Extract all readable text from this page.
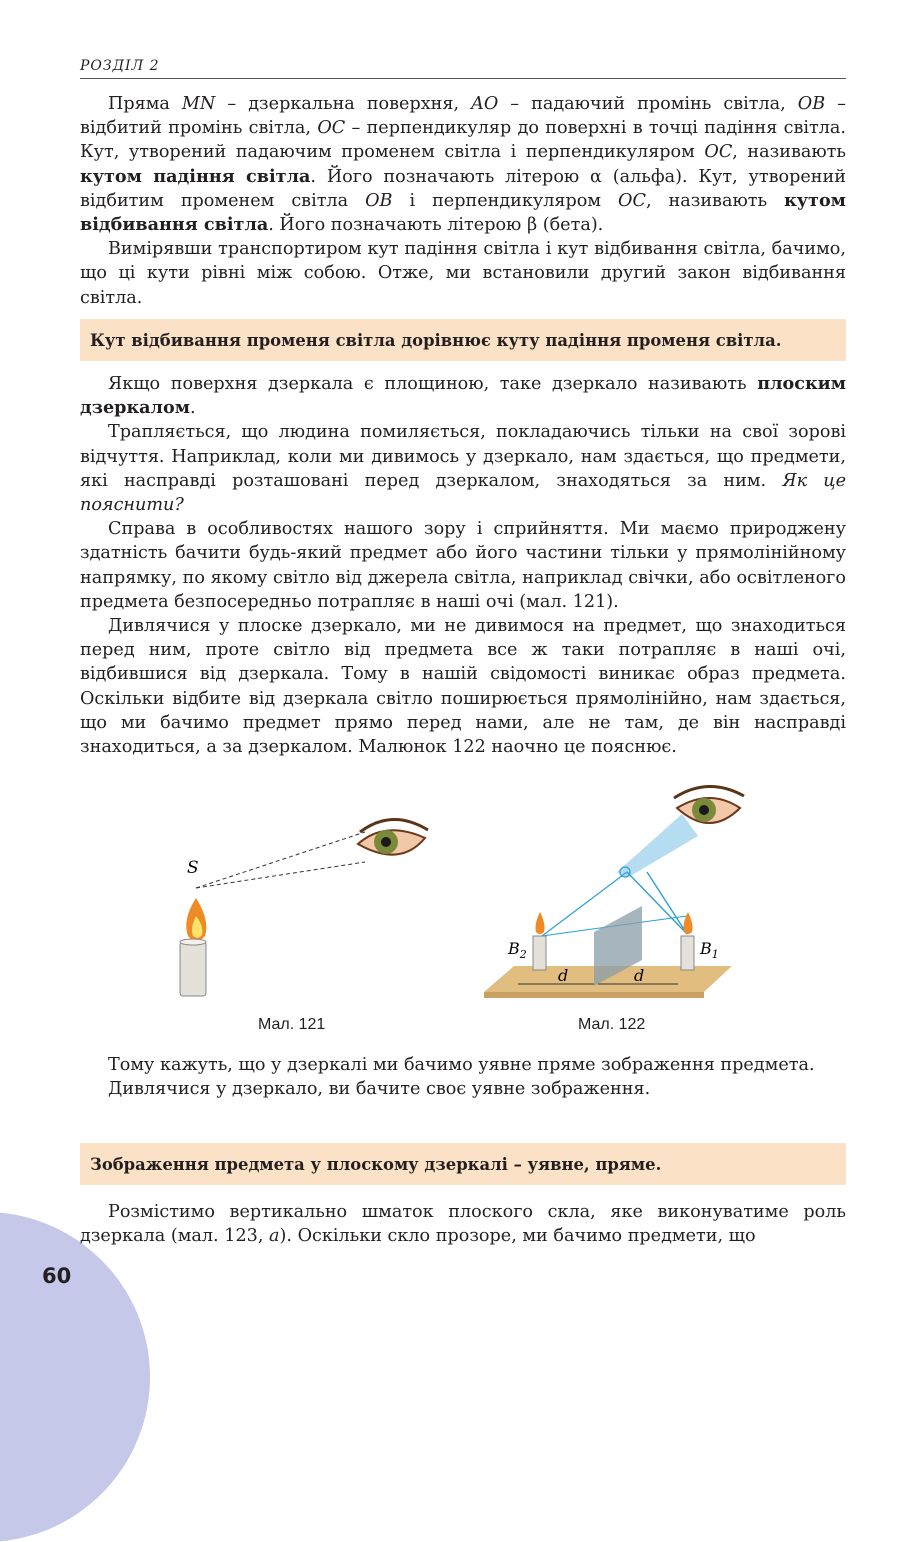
РОЗДІЛ 2

Пряма MN – дзеркальна поверхня, AO – падаючий промінь світла, OB – відбитий промінь світла, OC – перпендикуляр до поверхні в точці падіння світла. Кут, утворений падаючим променем світла і перпендикуляром OC, називають кутом падіння світла. Його позначають літерою α (альфа). Кут, утворений відбитим променем світла OB і перпендикуляром OC, називають кутом відбивання світла. Його позначають літерою β (бета).

Вимірявши транспортиром кут падіння світла і кут відбивання світла, бачимо, що ці кути рівні між собою. Отже, ми встановили другий закон відбивання світла.

Кут відбивання променя світла дорівнює куту падіння променя світла.

Якщо поверхня дзеркала є площиною, таке дзеркало називають плоским дзеркалом.

Трапляється, що людина помиляється, покладаючись тільки на свої зорові відчуття. Наприклад, коли ми дивимось у дзеркало, нам здається, що предмети, які насправді розташовані перед дзеркалом, знаходяться за ним. Як це пояснити?

Справа в особливостях нашого зору і сприйняття. Ми маємо природжену здатність бачити будь-який предмет або його частини тільки у прямолінійному напрямку, по якому світло від джерела світла, наприклад свічки, або освітленого предмета безпосередньо потрапляє в наші очі (мал. 121).

Дивлячися у плоске дзеркало, ми не дивимося на предмет, що знаходиться перед ним, проте світло від предмета все ж таки потрапляє в наші очі, відбившися від дзеркала. Тому в нашій свідомості виникає образ предмета. Оскільки відбите від дзеркала світло поширюється прямолінійно, нам здається, що ми бачимо предмет прямо перед нами, але не там, де він насправді знаходиться, а за дзеркалом. Малюнок 122 наочно це пояснює.

S
Мал. 121
$B_2$	$B_1$
d	d
Мал. 122

Тому кажуть, що у дзеркалі ми бачимо уявне пряме зображення предмета.

Дивлячися у дзеркало, ви бачите своє уявне зображення.

Зображення предмета у плоскому дзеркалі – уявне, пряме.

Розмістимо вертикально шматок плоского скла, яке виконуватиме роль дзеркала (мал. 123, а). Оскільки скло прозоре, ми бачимо предмети, що

60
